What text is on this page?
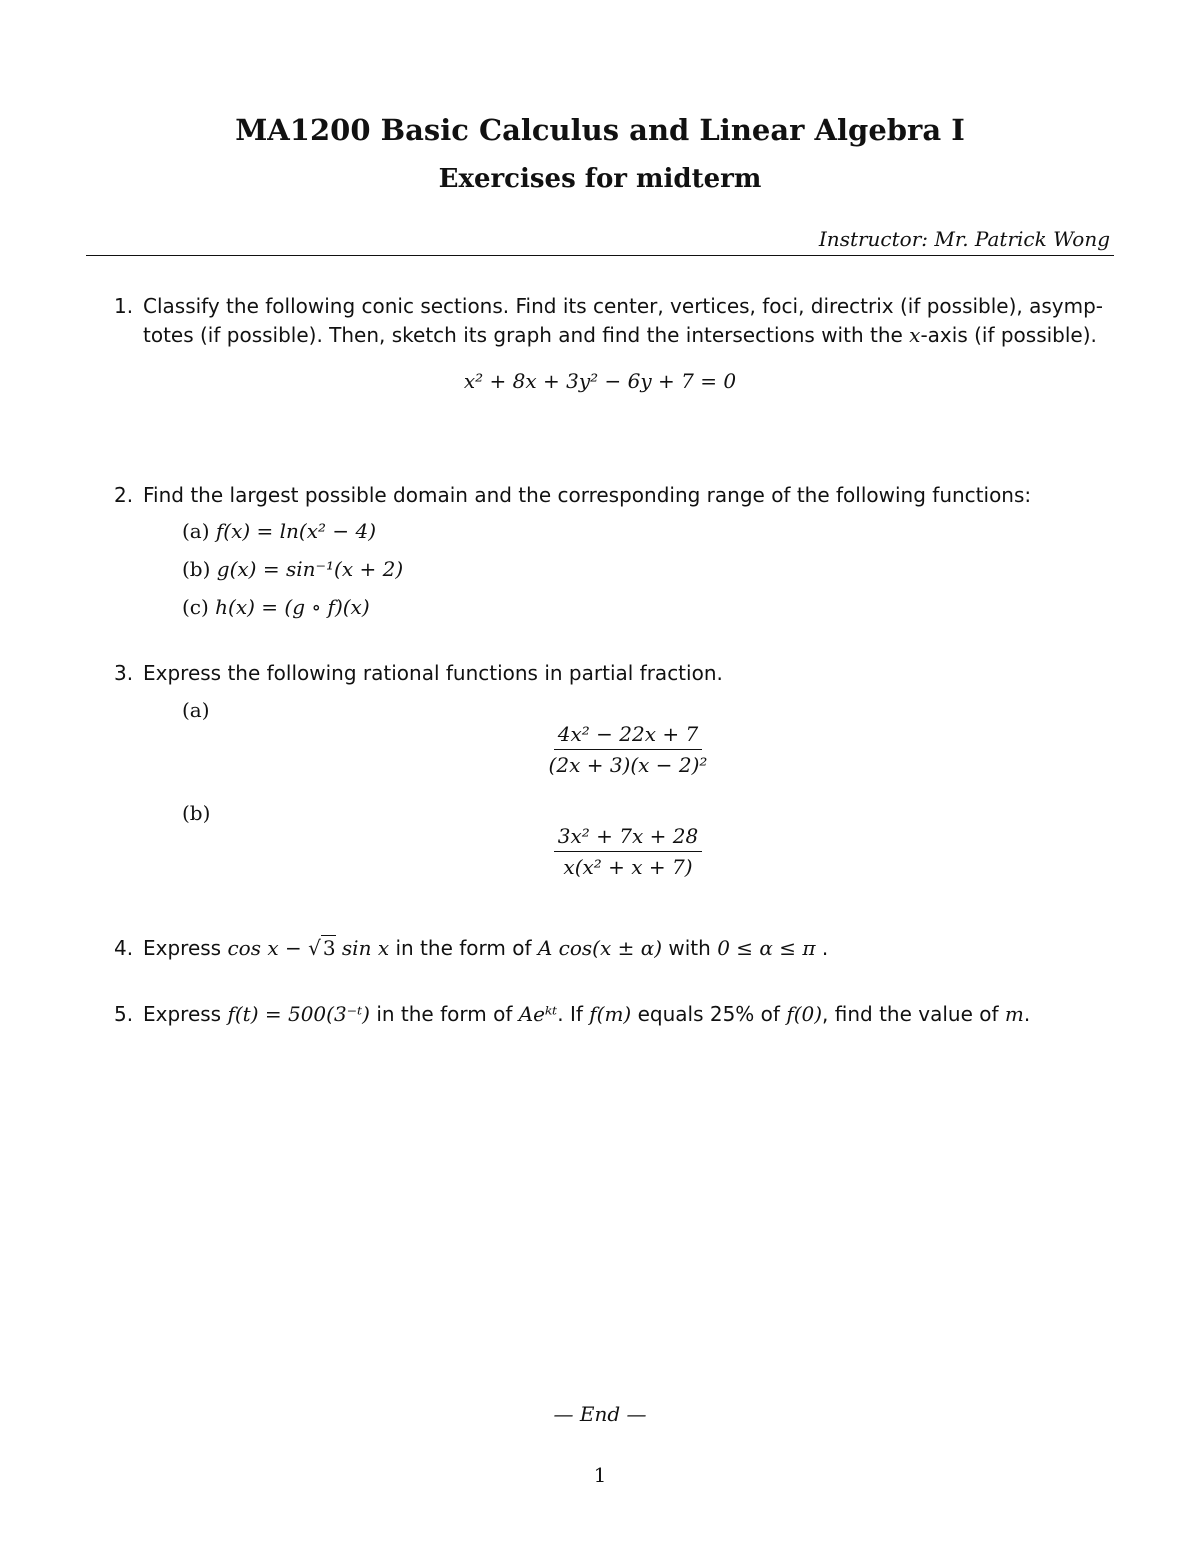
MA1200 Basic Calculus and Linear Algebra I
Exercises for midterm
Instructor: Mr. Patrick Wong
1. Classify the following conic sections. Find its center, vertices, foci, directrix (if possible), asymp-
totes (if possible). Then, sketch its graph and find the intersections with the x-axis (if possible).
x² + 8x + 3y² − 6y + 7 = 0
2. Find the largest possible domain and the corresponding range of the following functions:
(a) f(x) = ln(x² − 4)
(b) g(x) = sin⁻¹(x + 2)
(c) h(x) = (g ∘ f)(x)
3. Express the following rational functions in partial fraction.
(a)
$\frac{\text{4x² − 22x + 7}}{\text{(2x + 3)(x − 2)²}}$
(b)
$\frac{\text{3x² + 7x + 28}}{\text{x(x² + x + 7)}}$
4. Express cos x − √ 3 sin x in the form of A cos(x ± α) with 0 ≤ α ≤ π .
5. Express f(t) = 500(3⁻ᵗ) in the form of Aeᵏᵗ. If f(m) equals 25% of f(0), find the value of m.
— End —
1
